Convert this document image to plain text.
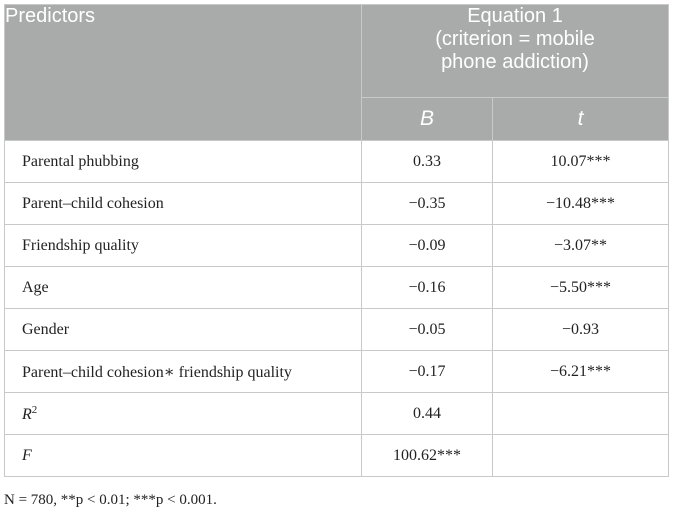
Predictors	Equation 1
(criterion = mobile
phone addiction)	

	B	t
Parental phubbing	0.33	10.07***
Parent–child cohesion	−0.35	−10.48***
Friendship quality	−0.09	−3.07**
Age	−0.16	−5.50***
Gender	−0.05	−0.93
Parent–child cohesion∗ friendship quality	−0.17	−6.21***
$R^2$	0.44	
F	100.62***	
N = 780, **p < 0.01; ***p < 0.001.
